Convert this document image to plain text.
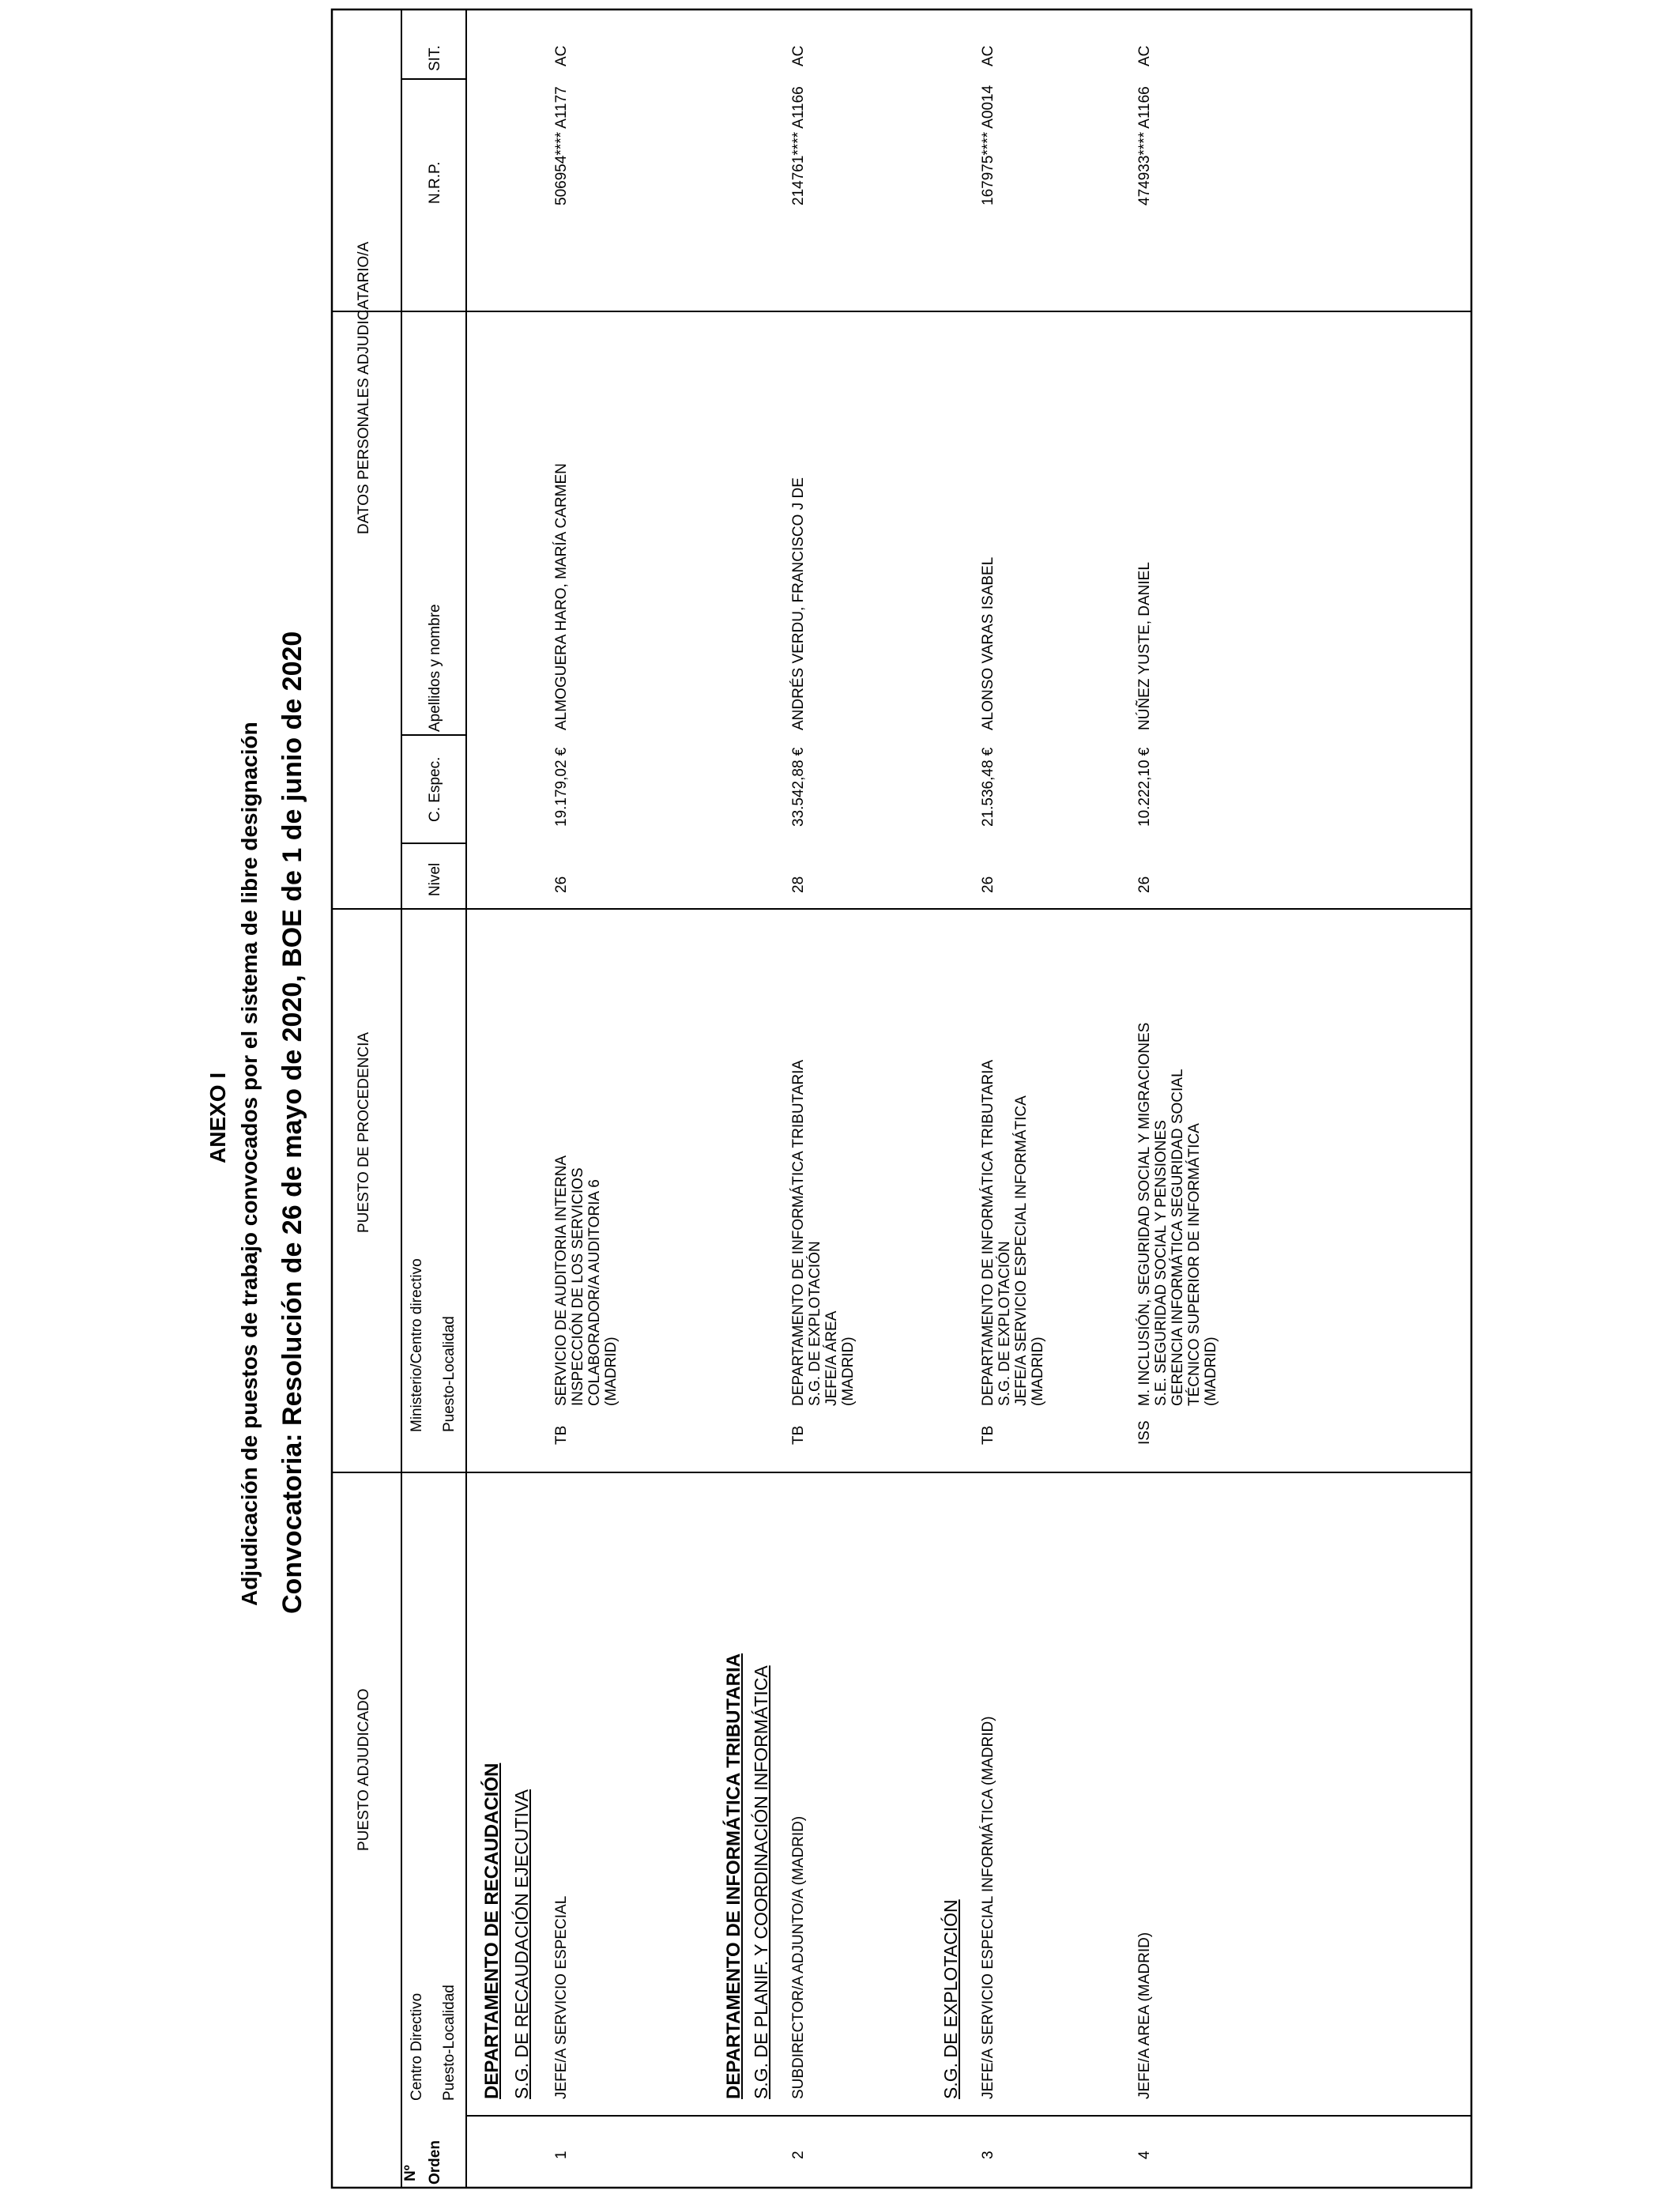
ANEXO I Adjudicación de puestos de trabajo convocados por el sistema de libre designación Convocatoria: Resolución de 26 de mayo de 2020, BOE de 1 de junio de 2020
PUESTO ADJUDICADO
PUESTO DE PROCEDENCIA
DATOS PERSONALES ADJUDICATARIO/A
Nº Orden
Centro Directivo Puesto-Localidad
Ministerio/Centro directivo Puesto-Localidad
Nivel
C. Espec.
Apellidos y nombre
N.R.P.
SIT.
DEPARTAMENTO DE RECAUDACIÓN S.G. DE RECAUDACIÓN EJECUTIVA	DEPARTAMENTO DE INFORMÁTICA TRIBUTARIA S.G. DE PLANIF. Y COORDINACIÓN INFORMÁTICA	S.G. DE EXPLOTACIÓN
1
JEFE/A SERVICIO ESPECIAL
TB
SERVICIO DE AUDITORIA INTERNA
INSPECCIÓN DE LOS SERVICIOS
COLABORADOR/A AUDITORIA 6
(MADRID)
26
19.179,02 €
ALMOGUERA HARO, MARÍA CARMEN
506954**** A1177
AC
2
SUBDIRECTOR/A ADJUNTO/A (MADRID)
TB
DEPARTAMENTO DE INFORMÁTICA TRIBUTARIA
S.G. DE EXPLOTACIÓN
JEFE/A ÁREA
(MADRID)
28
33.542,88 €
ANDRÉS VERDU, FRANCISCO J DE
214761**** A1166
AC
3
JEFE/A SERVICIO ESPECIAL INFORMÁTICA (MADRID)
TB
DEPARTAMENTO DE INFORMÁTICA TRIBUTARIA
S.G. DE EXPLOTACIÓN
JEFE/A SERVICIO ESPECIAL INFORMÁTICA
(MADRID)
26
21.536,48 €
ALONSO VARAS ISABEL
167975**** A0014
AC
4
JEFE/A AREA (MADRID)
ISS
M. INCLUSIÓN, SEGURIDAD SOCIAL Y MIGRACIONES
S.E. SEGURIDAD SOCIAL Y PENSIONES
GERENCIA INFORMÁTICA SEGURIDAD SOCIAL
TÉCNICO SUPERIOR DE INFORMÁTICA
(MADRID)
26
10.222,10 €
NÚÑEZ YUSTE, DANIEL
474933**** A1166
AC
